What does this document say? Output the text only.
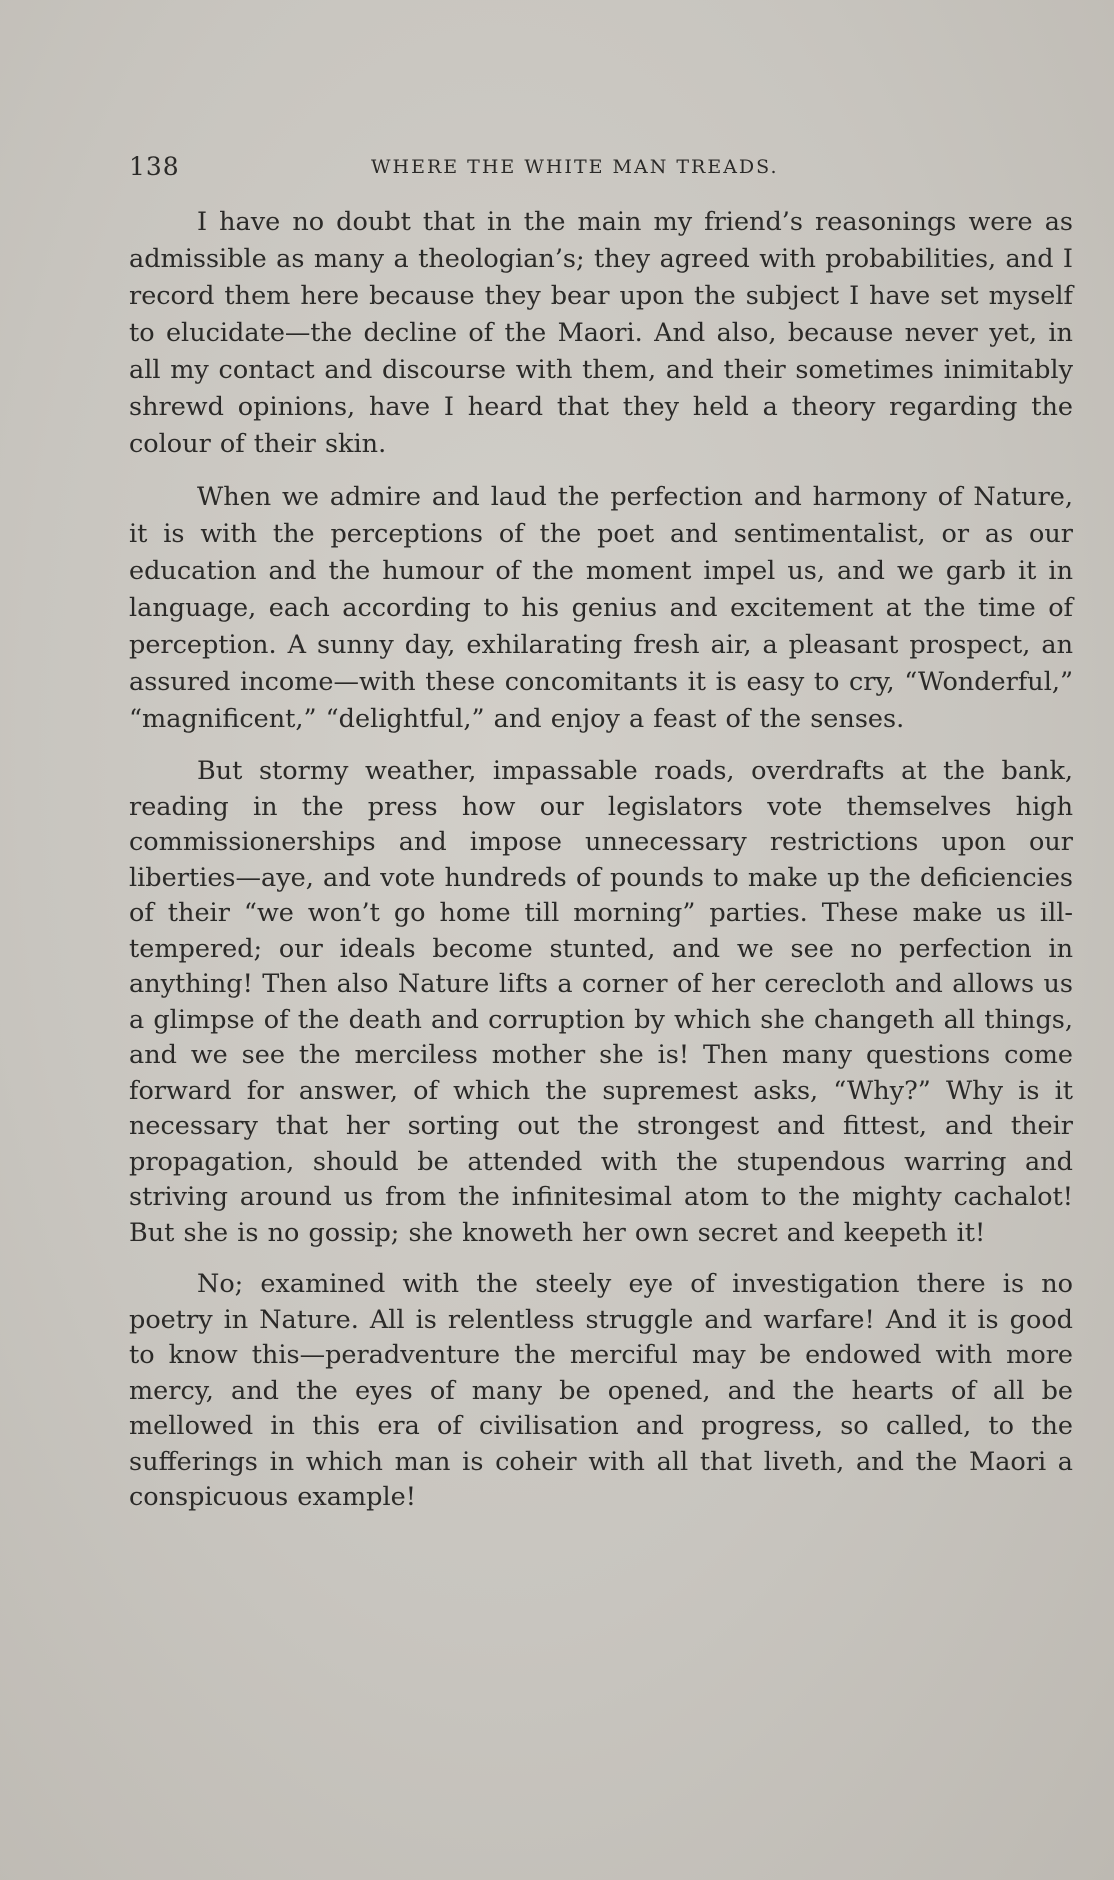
138	WHERE THE WHITE MAN TREADS.

I have no doubt that in the main my friend’s reasonings were as admissible as many a theologian’s; they agreed with probabilities, and I record them here because they bear upon the subject I have set myself to elucidate—the decline of the Maori. And also, because never yet, in all my contact and discourse with them, and their sometimes inimitably shrewd opinions, have I heard that they held a theory regarding the colour of their skin.

When we admire and laud the perfection and harmony of Nature, it is with the perceptions of the poet and sentimentalist, or as our education and the humour of the moment impel us, and we garb it in language, each according to his genius and excitement at the time of perception. A sunny day, exhilarating fresh air, a pleasant prospect, an assured income—with these concomitants it is easy to cry, “Wonderful,” “magnificent,” “delightful,” and enjoy a feast of the senses.

But stormy weather, impassable roads, overdrafts at the bank, reading in the press how our legislators vote themselves high commissionerships and impose unnecessary restrictions upon our liberties—aye, and vote hundreds of pounds to make up the deficiencies of their “we won’t go home till morning” parties. These make us ill-tempered; our ideals become stunted, and we see no perfection in anything! Then also Nature lifts a corner of her cerecloth and allows us a glimpse of the death and corruption by which she changeth all things, and we see the merciless mother she is! Then many questions come forward for answer, of which the supremest asks, “Why?” Why is it necessary that her sorting out the strongest and fittest, and their propagation, should be attended with the stupendous warring and striving around us from the infinitesimal atom to the mighty cachalot! But she is no gossip; she knoweth her own secret and keepeth it!

No; examined with the steely eye of investigation there is no poetry in Nature. All is relentless struggle and warfare! And it is good to know this—peradventure the merciful may be endowed with more mercy, and the eyes of many be opened, and the hearts of all be mellowed in this era of civilisation and progress, so called, to the sufferings in which man is coheir with all that liveth, and the Maori a conspicuous example!
